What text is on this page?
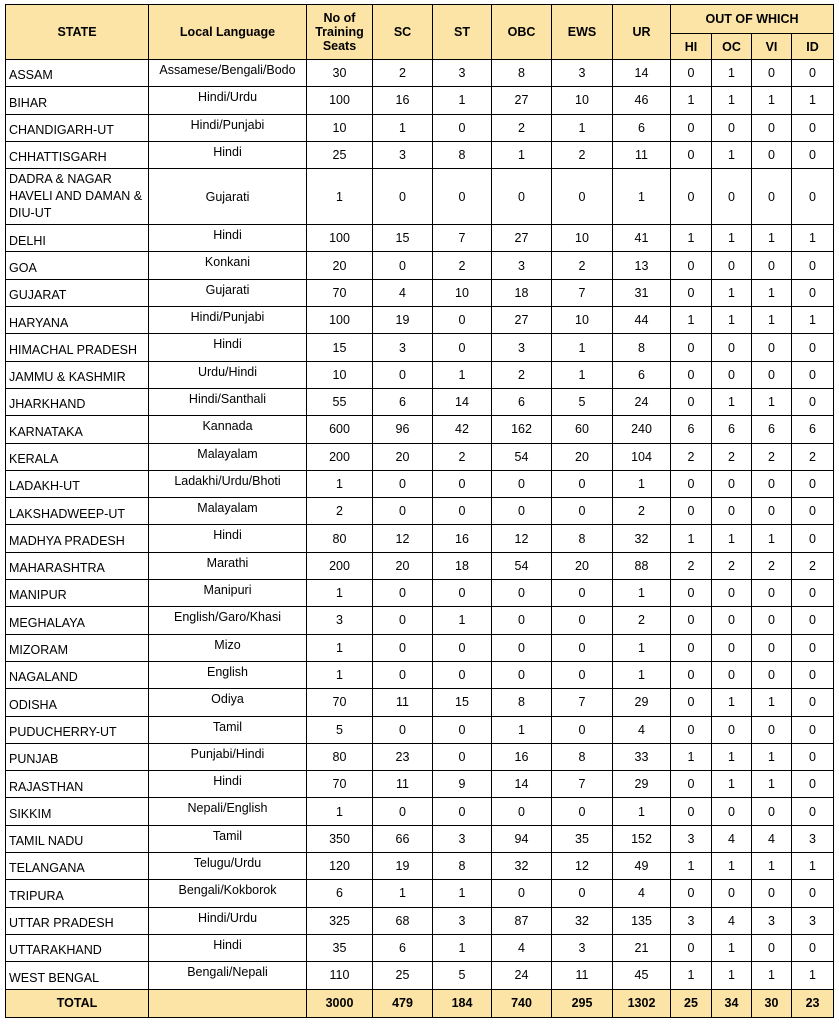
STATE	Local Language	No of Training Seats	SC	ST	OBC	EWS	UR	OUT OF WHICH			
								HI	OC	VI	ID
ASSAM	Assamese/Bengali/Bodo	30	2	3	8	3	14	0	1	0	0
BIHAR	Hindi/Urdu	100	16	1	27	10	46	1	1	1	1
CHANDIGARH-UT	Hindi/Punjabi	10	1	0	2	1	6	0	0	0	0
CHHATTISGARH	Hindi	25	3	8	1	2	11	0	1	0	0
DADRA & NAGAR HAVELI AND DAMAN & DIU-UT	Gujarati	1	0	0	0	0	1	0	0	0	0
DELHI	Hindi	100	15	7	27	10	41	1	1	1	1
GOA	Konkani	20	0	2	3	2	13	0	0	0	0
GUJARAT	Gujarati	70	4	10	18	7	31	0	1	1	0
HARYANA	Hindi/Punjabi	100	19	0	27	10	44	1	1	1	1
HIMACHAL PRADESH	Hindi	15	3	0	3	1	8	0	0	0	0
JAMMU & KASHMIR	Urdu/Hindi	10	0	1	2	1	6	0	0	0	0
JHARKHAND	Hindi/Santhali	55	6	14	6	5	24	0	1	1	0
KARNATAKA	Kannada	600	96	42	162	60	240	6	6	6	6
KERALA	Malayalam	200	20	2	54	20	104	2	2	2	2
LADAKH-UT	Ladakhi/Urdu/Bhoti	1	0	0	0	0	1	0	0	0	0
LAKSHADWEEP-UT	Malayalam	2	0	0	0	0	2	0	0	0	0
MADHYA PRADESH	Hindi	80	12	16	12	8	32	1	1	1	0
MAHARASHTRA	Marathi	200	20	18	54	20	88	2	2	2	2
MANIPUR	Manipuri	1	0	0	0	0	1	0	0	0	0
MEGHALAYA	English/Garo/Khasi	3	0	1	0	0	2	0	0	0	0
MIZORAM	Mizo	1	0	0	0	0	1	0	0	0	0
NAGALAND	English	1	0	0	0	0	1	0	0	0	0
ODISHA	Odiya	70	11	15	8	7	29	0	1	1	0
PUDUCHERRY-UT	Tamil	5	0	0	1	0	4	0	0	0	0
PUNJAB	Punjabi/Hindi	80	23	0	16	8	33	1	1	1	0
RAJASTHAN	Hindi	70	11	9	14	7	29	0	1	1	0
SIKKIM	Nepali/English	1	0	0	0	0	1	0	0	0	0
TAMIL NADU	Tamil	350	66	3	94	35	152	3	4	4	3
TELANGANA	Telugu/Urdu	120	19	8	32	12	49	1	1	1	1
TRIPURA	Bengali/Kokborok	6	1	1	0	0	4	0	0	0	0
UTTAR PRADESH	Hindi/Urdu	325	68	3	87	32	135	3	4	3	3
UTTARAKHAND	Hindi	35	6	1	4	3	21	0	1	0	0
WEST BENGAL	Bengali/Nepali	110	25	5	24	11	45	1	1	1	1
TOTAL		3000	479	184	740	295	1302	25	34	30	23
